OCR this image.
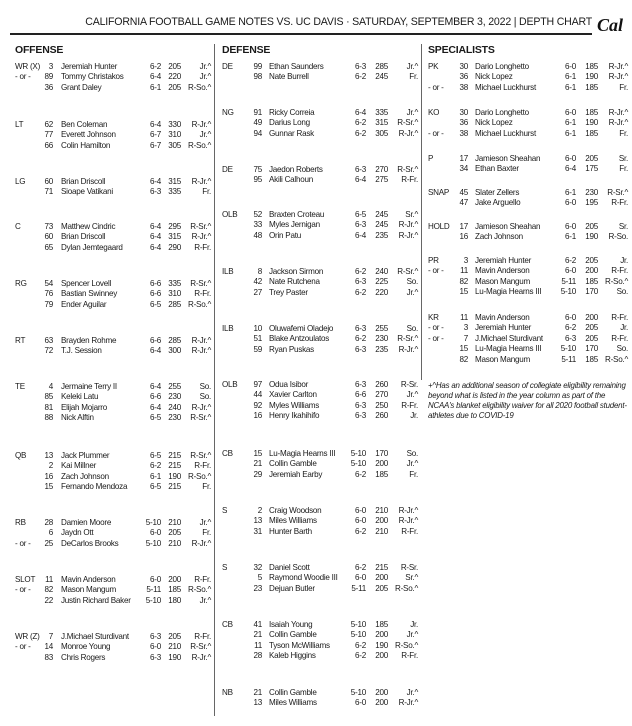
CALIFORNIA FOOTBALL GAME NOTES VS. UC DAVIS · SATURDAY, SEPTEMBER 3, 2022 | DEPTH CHART Cal
OFFENSE
WR (X)	3 Jeremiah Hunter	6-2 205	Jr.^
- or -	89 Tommy Christakos	6-4 220	Jr.^
36 Grant Daley	6-1 205 R-So.^
LT	62 Ben Coleman	6-4 330	R-Jr.^
77 Everett Johnson	6-7 310	Jr.^
66 Colin Hamilton	6-7 305 R-So.^
LG	60 Brian Driscoll	6-4 315	R-Jr.^
71 Sioape Vatikani	6-3 335	Fr.
C	73 Matthew Cindric	6-4 295	R-Sr.^
60 Brian Driscoll	6-4 315	R-Jr.^
65 Dylan Jemtegaard	6-4 290	R-Fr.
RG	54 Spencer Lovell	6-6 335	R-Sr.^
76 Bastian Swinney	6-6 310	R-Fr.
79 Ender Aguilar	6-5 285 R-So.^
RT	63 Brayden Rohme	6-6 285	R-Jr.^
72 T.J. Session	6-4 300	R-Jr.^
TE	4 Jermaine Terry II	6-4 255	So.
85 Keleki Latu	6-6 230	So.
81 Elijah Mojarro	6-4 240	R-Jr.^
88 Nick Alftin	6-5 230	R-Sr.^
QB	13 Jack Plummer	6-5 215	R-Sr.^
2 Kai Millner	6-2 215	R-Fr.
16 Zach Johnson	6-1 190 R-So.^
15 Fernando Mendoza	6-5 215	Fr.
RB	28 Damien Moore	5-10 210	Jr.^
6 Jaydn Ott	6-0 205	Fr.
- or -	25 DeCarlos Brooks	5-10 210	R-Jr.^
SLOT	11 Mavin Anderson	6-0 200	R-Fr.
- or -	82 Mason Mangum	5-11 185 R-So.^
22 Justin Richard Baker	5-10 180	Jr.^
WR (Z)	7 J.Michael Sturdivant	6-3 205	R-Fr.
- or -	14 Monroe Young	6-0 210	R-Sr.^
83 Chris Rogers	6-3 190	R-Jr.^
DEFENSE
DE	99 Ethan Saunders	6-3	285	Jr.^
98 Nate Burrell	6-2	245	Fr.
NG	91 Ricky Correia	6-4	335	Jr.^
49 Darius Long	6-2	315	R-Sr.^
94 Gunnar Rask	6-2	305	R-Jr.^
DE	75 Jaedon Roberts	6-3	270	R-Sr.^
95 Akili Calhoun	6-4	275	R-Fr.
OLB	52 Braxten Croteau	6-5	245	Sr.^
33 Myles Jernigan	6-3	245	R-Jr.^
48 Orin Patu	6-4	235	R-Jr.^
ILB	8 Jackson Sirmon	6-2	240	R-Sr.^
42 Nate Rutchena	6-3	225	So.
27 Trey Paster	6-2	220	Jr.^
ILB	10 Oluwafemi Oladejo	6-3	255	So.
51 Blake Antzoulatos	6-2	230	R-Sr.^
59 Ryan Puskas	6-3	235	R-Jr.^
OLB	97 Odua Isibor	6-3	260	R-Sr.
44 Xavier Carlton	6-6	270	Jr.^
92 Myles Williams	6-3	250	R-Fr.
16 Henry Ikahihifo	6-3	260	Jr.
CB	15 Lu-Magia Hearns III	5-10	170	So.
21 Collin Gamble	5-10	200	Jr.^
29 Jeremiah Earby	6-2	185	Fr.
S	2 Craig Woodson	6-0	210	R-Jr.^
13 Miles Williams	6-0	200	R-Jr.^
31 Hunter Barth	6-2	210	R-Fr.
S	32 Daniel Scott	6-2	215	R-Sr.
5 Raymond Woodie III	6-0	200	Sr.^
23 Dejuan Butler	5-11	205 R-So.^
CB	41 Isaiah Young	5-10	185	Jr.
21 Collin Gamble	5-10	200	Jr.^
11 Tyson McWilliams	6-2	190 R-So.^
28 Kaleb Higgins	6-2	200	R-Fr.
NB	21 Collin Gamble	5-10	200	Jr.^
13 Miles Williams	6-0	200	R-Jr.^
SPECIALISTS
PK	30 Dario Longhetto	6-0	185	R-Jr.^
36 Nick Lopez	6-1	190	R-Jr.^
- or -	38 Michael Luckhurst	6-1	185	Fr.
KO	30 Dario Longhetto	6-0	185	R-Jr.^
36 Nick Lopez	6-1	190	R-Jr.^
- or -	38 Michael Luckhurst	6-1	185	Fr.
P	17 Jamieson Sheahan	6-0	205	Sr.
34 Ethan Baxter	6-4	175	Fr.
SNAP	45 Slater Zellers	6-1	230	R-Sr.^
47 Jake Arguello	6-0	195	R-Fr.
HOLD	17 Jamieson Sheahan	6-0	205	Sr.
16 Zach Johnson	6-1	190	R-So.
PR	3 Jeremiah Hunter	6-2	205	Jr.
- or -	11 Mavin Anderson	6-0	200	R-Fr.
82 Mason Mangum	5-11	185 R-So.^
15 Lu-Magia Hearns III	5-10	170	So.
KR	11 Mavin Anderson	6-0	200	R-Fr.
- or -	3 Jeremiah Hunter	6-2	205	Jr.
- or -	7 J.Michael Sturdivant	6-3	205	R-Fr.
15 Lu-Magia Hearns III	5-10	170	So.
82 Mason Mangum	5-11	185 R-So.^
+^Has an additional season of collegiate eligibility remaining beyond what is listed in the year column as part of the NCAA's blanket eligibility waiver for all 2020 football student-athletes due to COVID-19
